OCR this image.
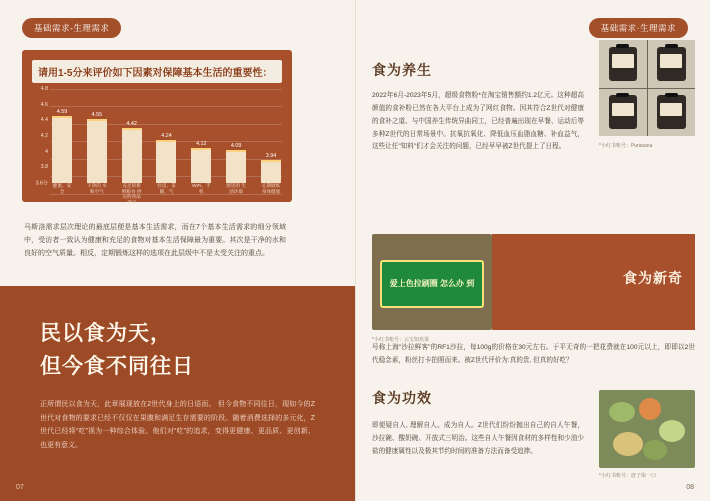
基础需求-生理需求
请用1-5分来评价如下因素对保障基本生活的重要性：
4.8
4.6
4.4
4.2
4
3.8
3.6分
4.59	4.55
4.42
4.24
4.12	4.09
3.94
健康、安全
干净的 水和空气
充足的新鲜粮食 供应的食品供应
住房、采暖、气
WiFi、手机
舒适的 生活环境
定期锻炼 身体健康
马斯洛需求层次理论的最底层便是基本生活需求，而在7个基本生活需求的细分领域中，受访者一致认为健康和充足的食物对基本生活保障最为重要。其次是干净的水和良好的空气质量。相反，定期锻炼这样的选项在此层级中不是太受关注的重点。
民以食为天，
但今食不同往日
正所谓民以食为天，此章展现放在2世代身上的日语而。 但今食物不同往日，现如今的Z世代对食物的要求已经不仅仅在果腹和满足生存需要的阶段。随着消费选择的多元化，Z世代已经将“吃”视为一种综合体验。他们对“吃”的追求，变得更健康、更品质、更创新、也更有意义。
07
基础需求·生理需求
食为养生
2022年6月-2023年5月，超级食物粉*在淘宝销售额约1.2亿元。这种超高颜值的食补粉已然在各大平台上成为了网红食物。因其符合Z世代对健康的食补之道、与中国养生传统异曲同工，已经普遍出现在早餐、运动后等多种Z世代的日常场景中。抗氧抗氧化、降低血压血脂血糖、补血益气，这些让任"知料"们才会关注的问题，已经早早被Z世代提上了日程。	*小红书账号：Purasana
爱上色拉刷圈 怎么办 到
*小红书账号：云宝知名菜
食为新奇
号称上海"沙拉鲜客"的RF1沙拉，每100g的价格在30元左右。于平无奇的一把花费就在100元以上，即即以2世代稳念素，粉丝打卡拍照而来。被Z世代评价为:真的贵, 但真的好吃？
食为功效
即便疑自人, 理解自人。成为自人。Z世代们纷纷抛出自己的自人午餐，沙拉碗、酸奶碗、开放式三明治。这些自人午餐因食材的多样性和少油少盐的健康属性以及极其节约时间的准备方法而备受追捧。
*小红书账号：唐子柒一口
08
